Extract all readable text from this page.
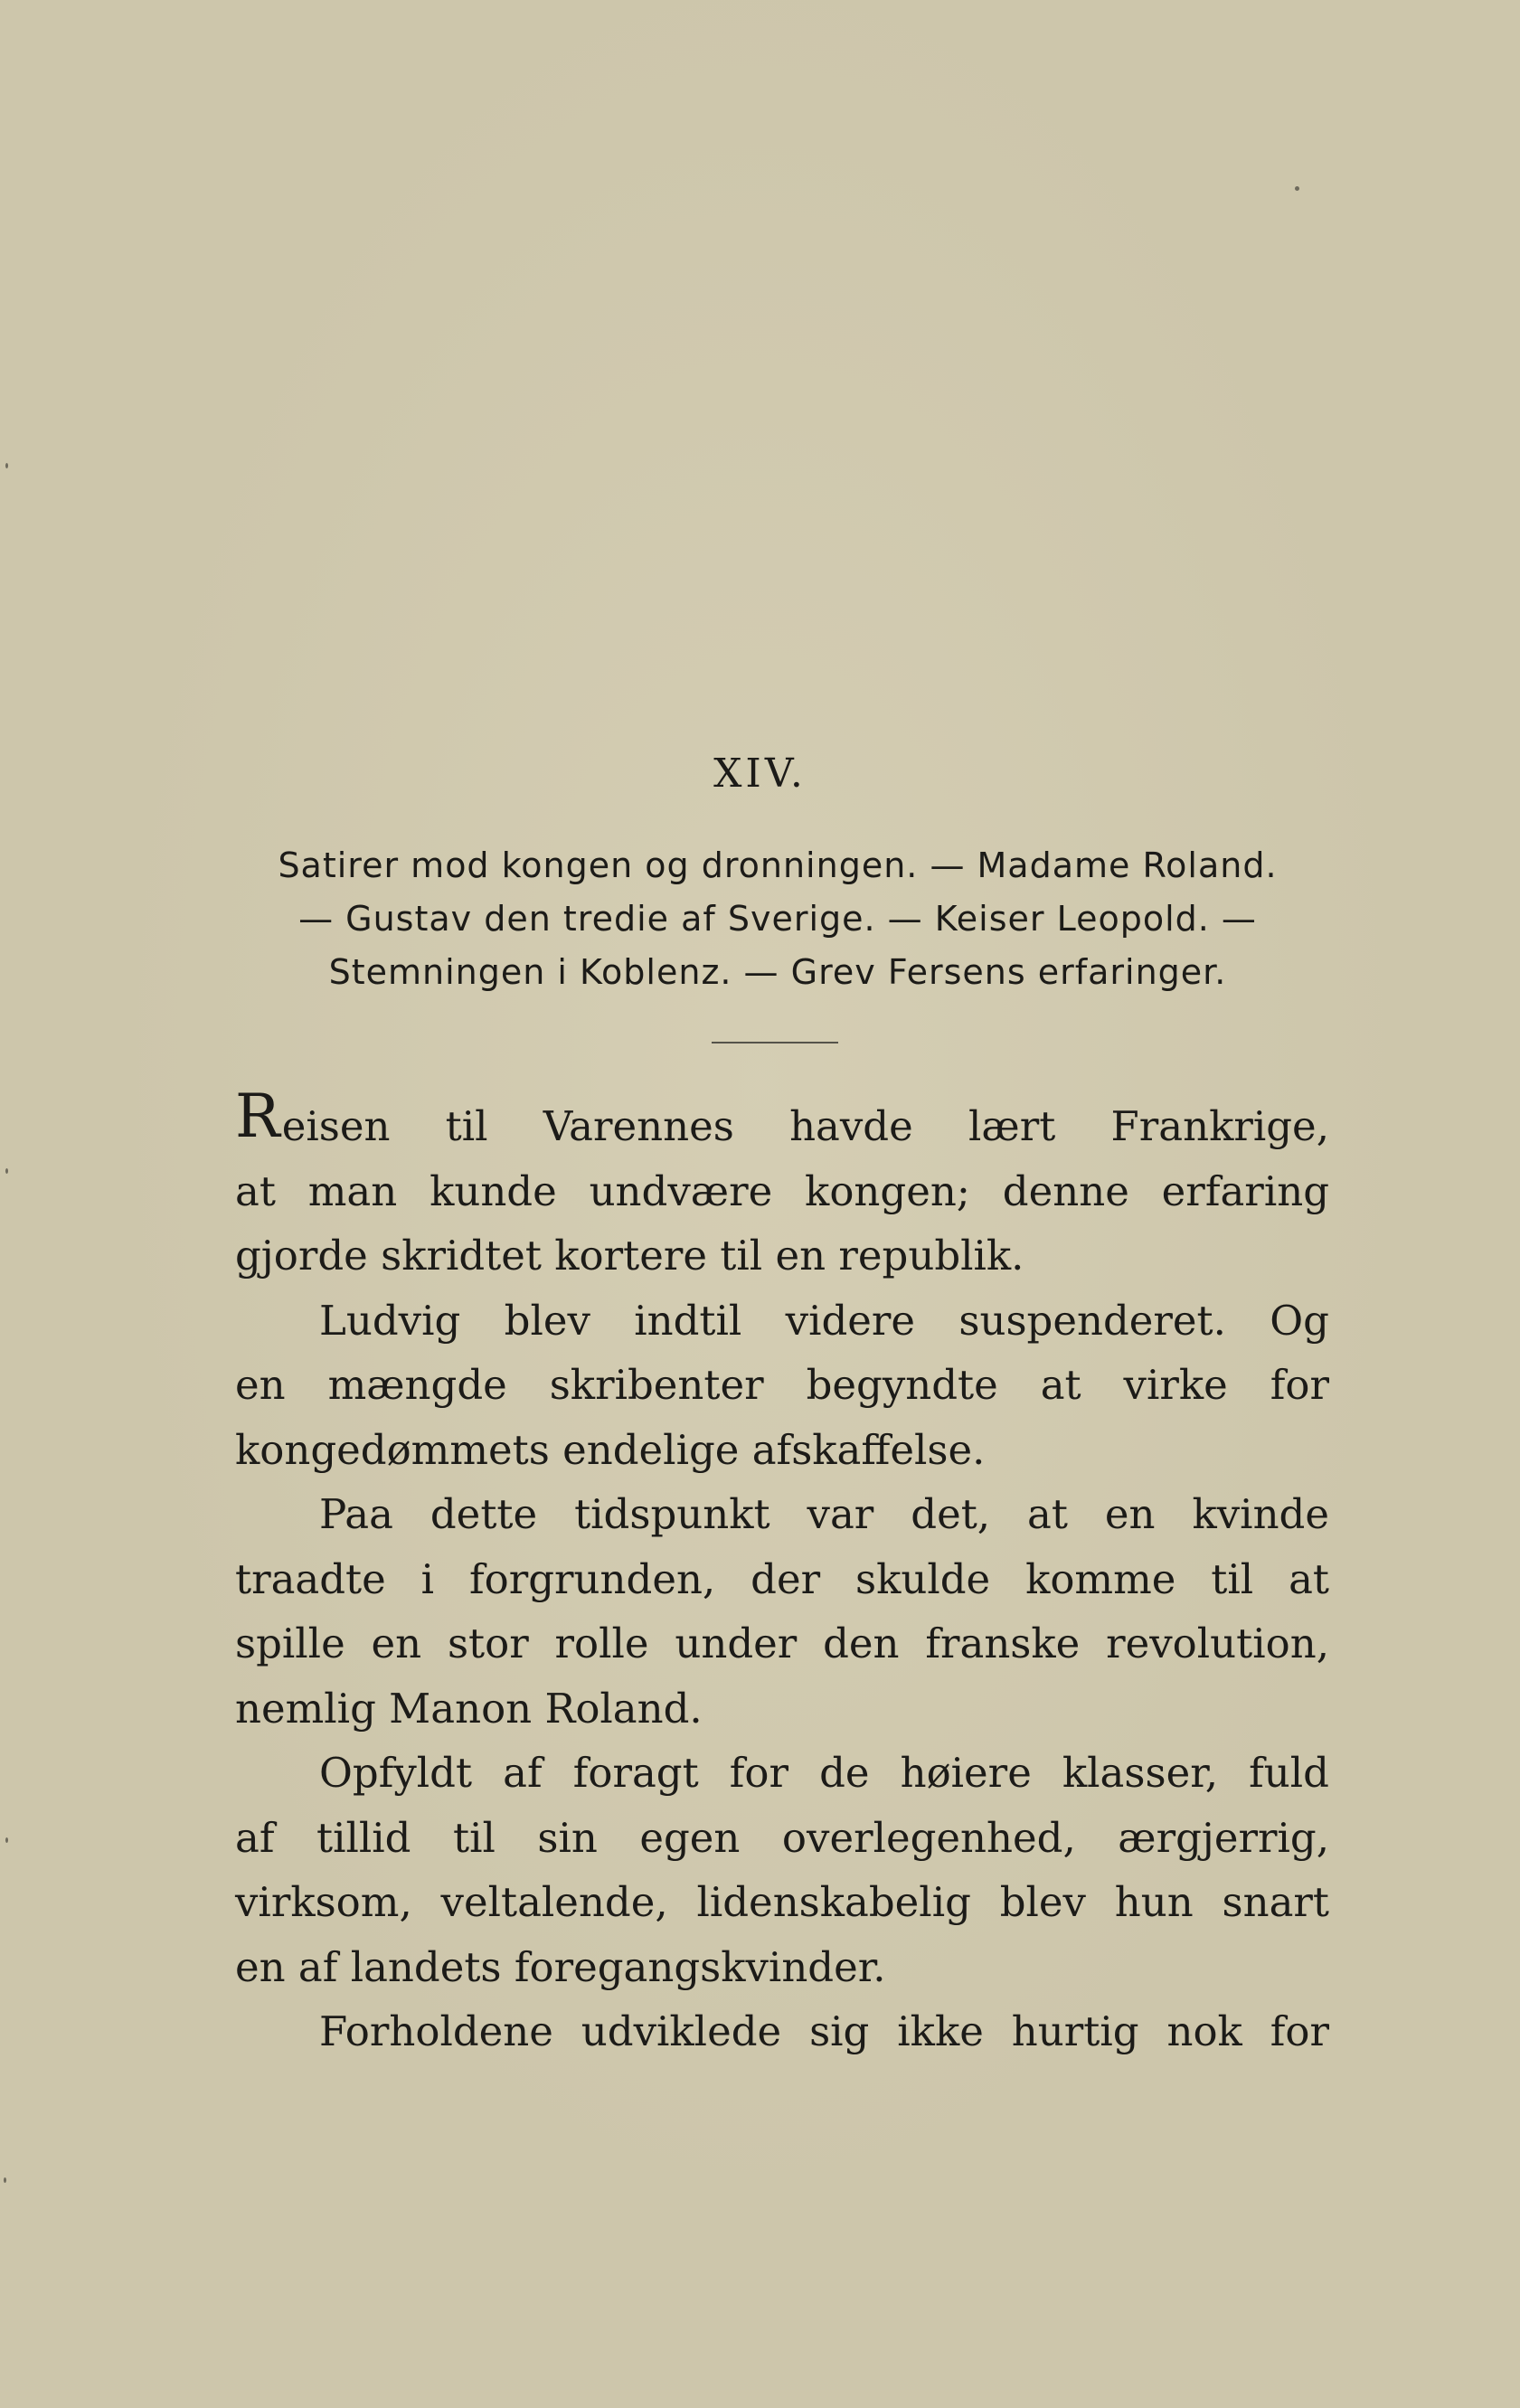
XIV.
Satirer mod kongen og dronningen. — Madame Roland.
— Gustav den tredie af Sverige. — Keiser Leopold. —
Stemningen i Koblenz. — Grev Fersens erfaringer.

Reisen til Varennes havde lært Frankrige,
at man kunde undvære kongen; denne erfaring
gjorde skridtet kortere til en republik.

Ludvig blev indtil videre suspenderet. Og
en mængde skribenter begyndte at virke for
kongedømmets endelige afskaffelse.

Paa dette tidspunkt var det, at en kvinde
traadte i forgrunden, der skulde komme til at
spille en stor rolle under den franske revolution,
nemlig Manon Roland.

Opfyldt af foragt for de høiere klasser, fuld
af tillid til sin egen overlegenhed, ærgjerrig,
virksom, veltalende, lidenskabelig blev hun snart
en af landets foregangskvinder.

Forholdene udviklede sig ikke hurtig nok for
